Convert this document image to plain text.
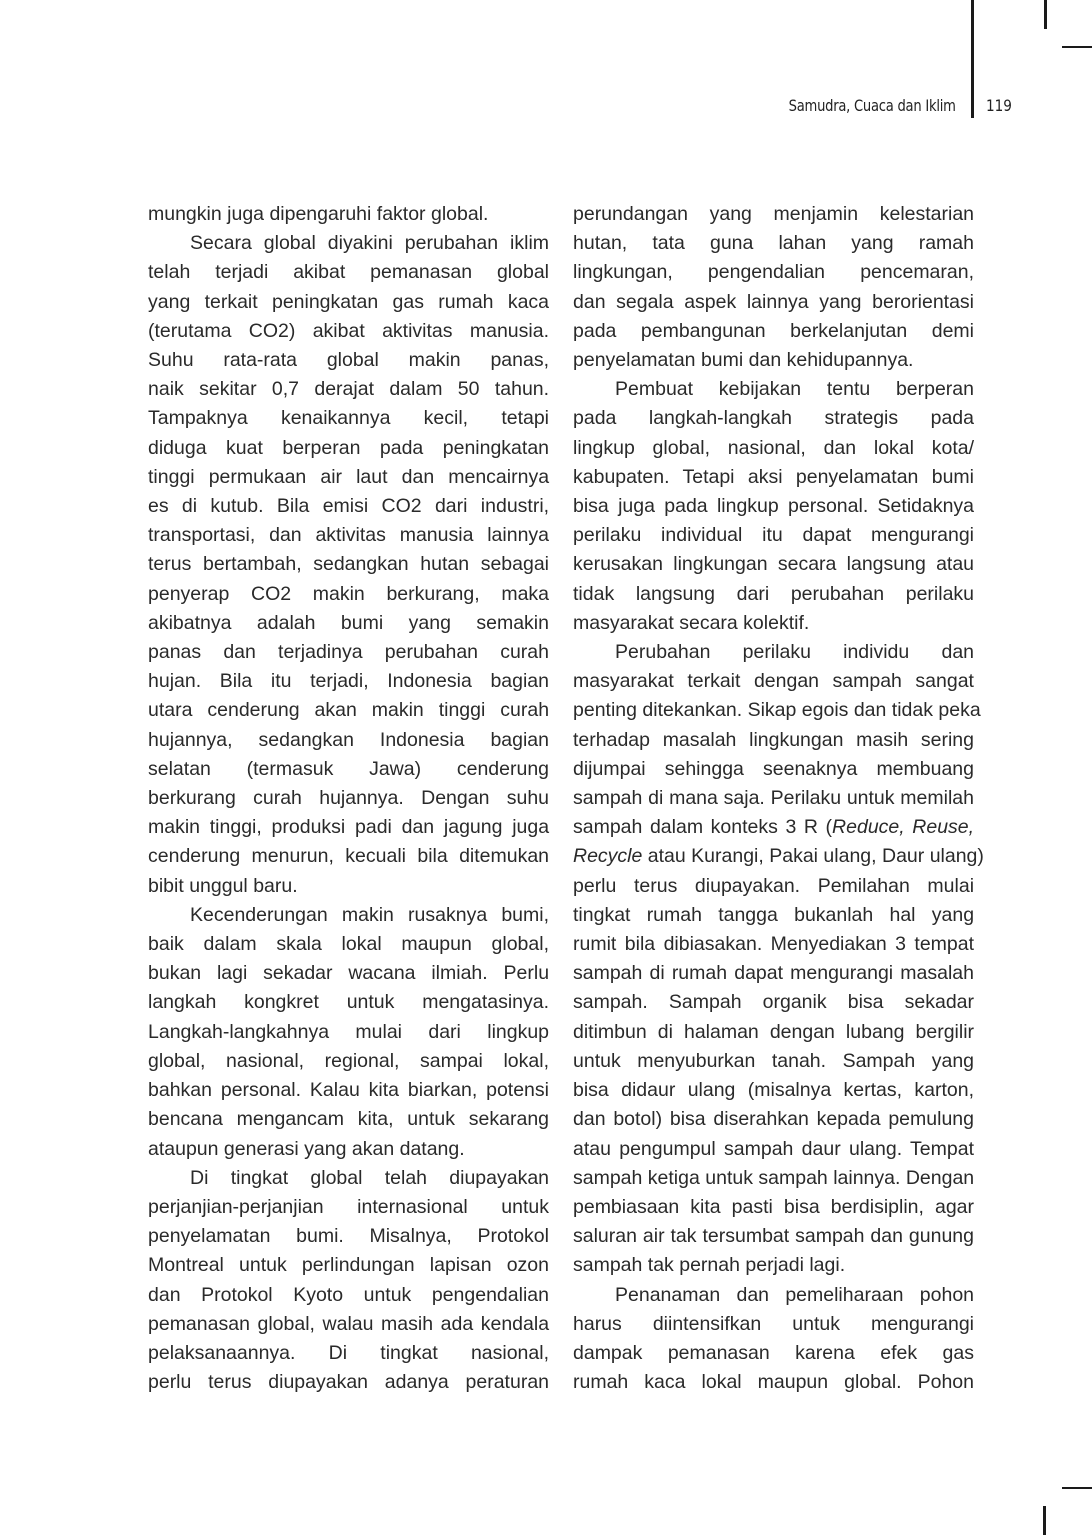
Samudra, Cuaca dan Iklim 119
mungkin juga dipengaruhi faktor global.
Secara global diyakini perubahan iklim
telah terjadi akibat pemanasan global
yang terkait peningkatan gas rumah kaca
(terutama CO2) akibat aktivitas manusia.
Suhu rata-rata global makin panas,
naik sekitar 0,7 derajat dalam 50 tahun.
Tampaknya kenaikannya kecil, tetapi
diduga kuat berperan pada peningkatan
tinggi permukaan air laut dan mencairnya
es di kutub. Bila emisi CO2 dari industri,
transportasi, dan aktivitas manusia lainnya
terus bertambah, sedangkan hutan sebagai
penyerap CO2 makin berkurang, maka
akibatnya adalah bumi yang semakin
panas dan terjadinya perubahan curah
hujan. Bila itu terjadi, Indonesia bagian
utara cenderung akan makin tinggi curah
hujannya, sedangkan Indonesia bagian
selatan (termasuk Jawa) cenderung
berkurang curah hujannya. Dengan suhu
makin tinggi, produksi padi dan jagung juga
cenderung menurun, kecuali bila ditemukan
bibit unggul baru.
Kecenderungan makin rusaknya bumi,
baik dalam skala lokal maupun global,
bukan lagi sekadar wacana ilmiah. Perlu
langkah kongkret untuk mengatasinya.
Langkah-langkahnya mulai dari lingkup
global, nasional, regional, sampai lokal,
bahkan personal. Kalau kita biarkan, potensi
bencana mengancam kita, untuk sekarang
ataupun generasi yang akan datang.
Di tingkat global telah diupayakan
perjanjian-perjanjian internasional untuk
penyelamatan bumi. Misalnya, Protokol
Montreal untuk perlindungan lapisan ozon
dan Protokol Kyoto untuk pengendalian
pemanasan global, walau masih ada kendala
pelaksanaannya. Di tingkat nasional,
perlu terus diupayakan adanya peraturan
perundangan yang menjamin kelestarian
hutan, tata guna lahan yang ramah
lingkungan, pengendalian pencemaran,
dan segala aspek lainnya yang berorientasi
pada pembangunan berkelanjutan demi
penyelamatan bumi dan kehidupannya.
Pembuat kebijakan tentu berperan
pada langkah-langkah strategis pada
lingkup global, nasional, dan lokal kota/
kabupaten. Tetapi aksi penyelamatan bumi
bisa juga pada lingkup personal. Setidaknya
perilaku individual itu dapat mengurangi
kerusakan lingkungan secara langsung atau
tidak langsung dari perubahan perilaku
masyarakat secara kolektif.
Perubahan perilaku individu dan
masyarakat terkait dengan sampah sangat
penting ditekankan. Sikap egois dan tidak peka
terhadap masalah lingkungan masih sering
dijumpai sehingga seenaknya membuang
sampah di mana saja. Perilaku untuk memilah
sampah dalam konteks 3 R (Reduce, Reuse,
Recycle atau Kurangi, Pakai ulang, Daur ulang)
perlu terus diupayakan. Pemilahan mulai
tingkat rumah tangga bukanlah hal yang
rumit bila dibiasakan. Menyediakan 3 tempat
sampah di rumah dapat mengurangi masalah
sampah. Sampah organik bisa sekadar
ditimbun di halaman dengan lubang bergilir
untuk menyuburkan tanah. Sampah yang
bisa didaur ulang (misalnya kertas, karton,
dan botol) bisa diserahkan kepada pemulung
atau pengumpul sampah daur ulang. Tempat
sampah ketiga untuk sampah lainnya. Dengan
pembiasaan kita pasti bisa berdisiplin, agar
saluran air tak tersumbat sampah dan gunung
sampah tak pernah perjadi lagi.
Penanaman dan pemeliharaan pohon
harus diintensifkan untuk mengurangi
dampak pemanasan karena efek gas
rumah kaca lokal maupun global. Pohon
